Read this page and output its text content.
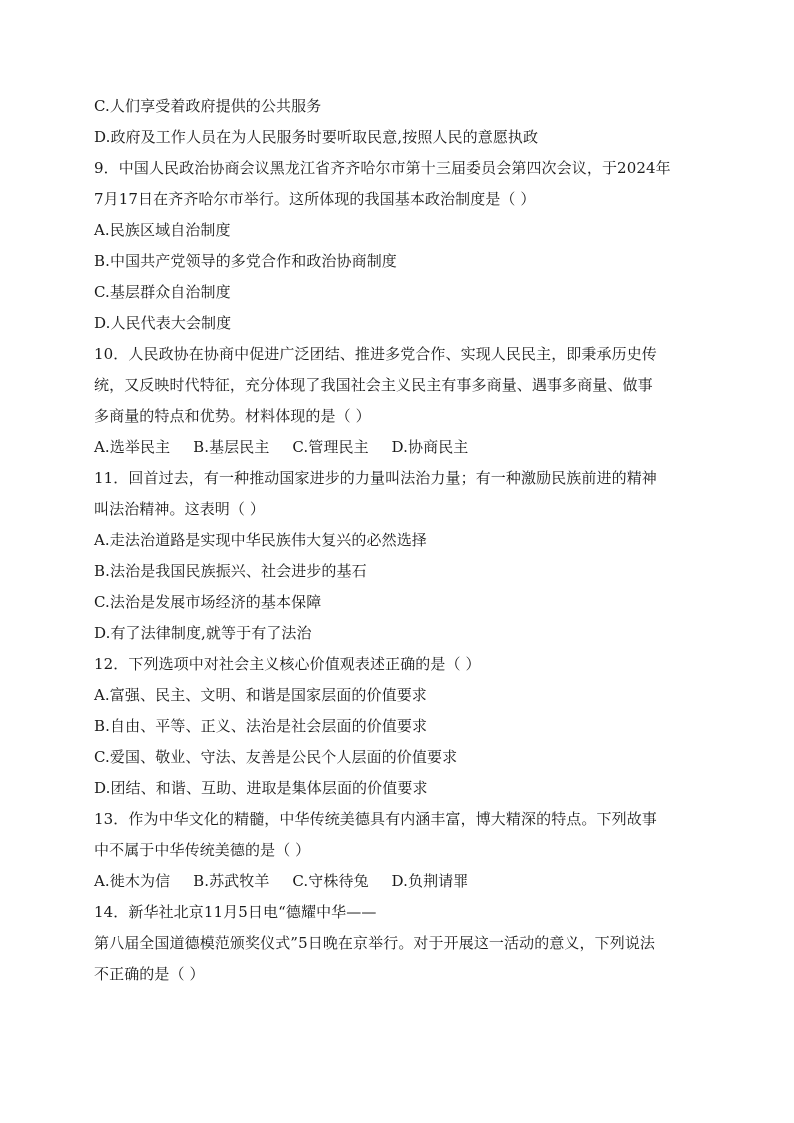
C.人们享受着政府提供的公共服务
D.政府及工作人员在为人民服务时要听取民意,按照人民的意愿执政
9．中国人民政治协商会议黑龙江省齐齐哈尔市第十三届委员会第四次会议，于2024年
7月17日在齐齐哈尔市举行。这所体现的我国基本政治制度是（ ）
A.民族区域自治制度
B.中国共产党领导的多党合作和政治协商制度
C.基层群众自治制度
D.人民代表大会制度
10．人民政协在协商中促进广泛团结、推进多党合作、实现人民民主，即秉承历史传
统，又反映时代特征，充分体现了我国社会主义民主有事多商量、遇事多商量、做事
多商量的特点和优势。材料体现的是（ ）
A.选举民主 B.基层民主 C.管理民主 D.协商民主
11．回首过去，有一种推动国家进步的力量叫法治力量；有一种激励民族前进的精神
叫法治精神。这表明（ ）
A.走法治道路是实现中华民族伟大复兴的必然选择
B.法治是我国民族振兴、社会进步的基石
C.法治是发展市场经济的基本保障
D.有了法律制度,就等于有了法治
12．下列选项中对社会主义核心价值观表述正确的是（ ）
A.富强、民主、文明、和谐是国家层面的价值要求
B.自由、平等、正义、法治是社会层面的价值要求
C.爱国、敬业、守法、友善是公民个人层面的价值要求
D.团结、和谐、互助、进取是集体层面的价值要求
13．作为中华文化的精髓，中华传统美德具有内涵丰富，博大精深的特点。下列故事
中不属于中华传统美德的是（ ）
A.徙木为信 B.苏武牧羊 C.守株待兔 D.负荆请罪
14．新华社北京11月5日电“德耀中华——
第八届全国道德模范颁奖仪式”5日晚在京举行。对于开展这一活动的意义，下列说法
不正确的是（ ）
